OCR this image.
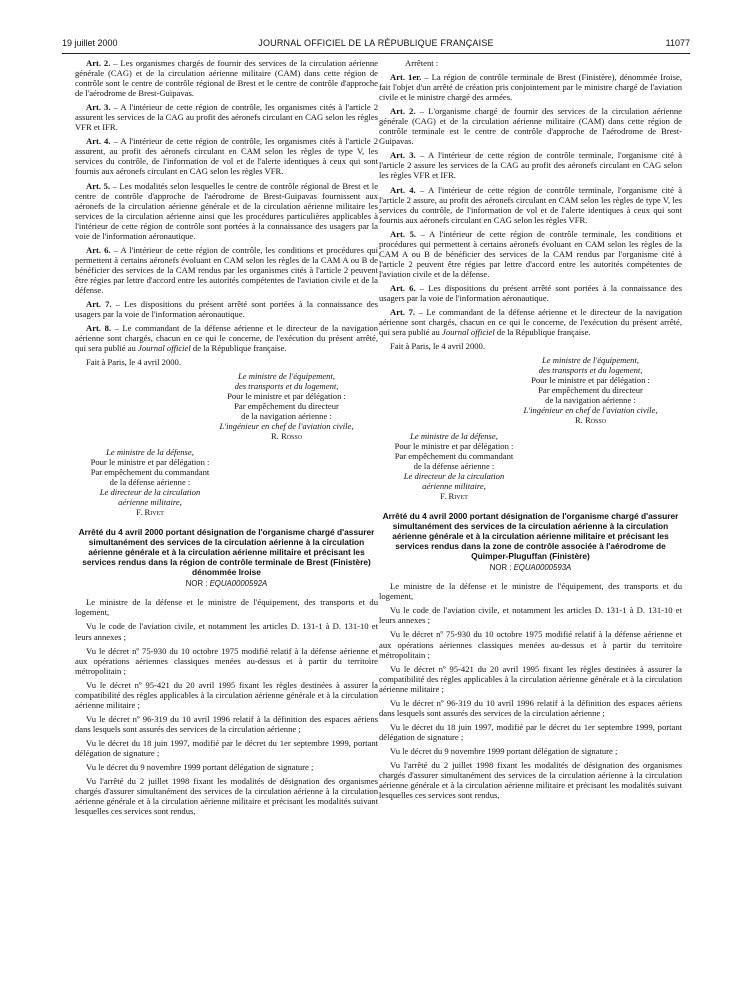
19 juillet 2000	JOURNAL OFFICIEL DE LA RÉPUBLIQUE FRANÇAISE	11077

Art. 2. – Les organismes chargés de fournir des services de la circulation aérienne générale (CAG) et de la circulation aérienne militaire (CAM) dans cette région de contrôle sont le centre de contrôle régional de Brest et le centre de contrôle d'approche de l'aérodrome de Brest-Guipavas.

Art. 3. – A l'intérieur de cette région de contrôle, les organismes cités à l'article 2 assurent les services de la CAG au profit des aéronefs circulant en CAG selon les règles VFR et IFR.

Art. 4. – A l'intérieur de cette région de contrôle, les organismes cités à l'article 2 assurent, au profit des aéronefs circulant en CAM selon les règles de type V, les services du contrôle, de l'information de vol et de l'alerte identiques à ceux qui sont fournis aux aéronefs circulant en CAG selon les règles VFR.

Art. 5. – Les modalités selon lesquelles le centre de contrôle régional de Brest et le centre de contrôle d'approche de l'aérodrome de Brest-Guipavas fournissent aux aéronefs de la circulation aérienne générale et de la circulation aérienne militaire les services de la circulation aérienne ainsi que les procédures particulières applicables à l'intérieur de cette région de contrôle sont portées à la connaissance des usagers par la voie de l'information aéronautique.

Art. 6. – A l'intérieur de cette région de contrôle, les conditions et procédures qui permettent à certains aéronefs évoluant en CAM selon les règles de la CAM A ou B de bénéficier des services de la CAM rendus par les organismes cités à l'article 2 peuvent être régies par lettre d'accord entre les autorités compétentes de l'aviation civile et de la défense.

Art. 7. – Les dispositions du présent arrêté sont portées à la connaissance des usagers par la voie de l'information aéronautique.

Art. 8. – Le commandant de la défense aérienne et le directeur de la navigation aérienne sont chargés, chacun en ce qui le concerne, de l'exécution du présent arrêté, qui sera publié au Journal officiel de la République française.

Fait à Paris, le 4 avril 2000.

Le ministre de l'équipement,
des transports et du logement,
Pour le ministre et par délégation :
Par empêchement du directeur
de la navigation aérienne :
L'ingénieur en chef de l'aviation civile,
R. Rosso
Le ministre de la défense,
Pour le ministre et par délégation :
Par empêchement du commandant
de la défense aérienne :
Le directeur de la circulation
aérienne militaire,
F. Rivet
Arrêté du 4 avril 2000 portant désignation de l'organisme chargé d'assurer simultanément des services de la circulation aérienne à la circulation aérienne générale et à la circulation aérienne militaire et précisant les services rendus dans la région de contrôle terminale de Brest (Finistère) dénommée Iroise
NOR : EQUA0000592A

Le ministre de la défense et le ministre de l'équipement, des transports et du logement,

Vu le code de l'aviation civile, et notamment les articles D. 131-1 à D. 131-10 et leurs annexes ;

Vu le décret nº 75-930 du 10 octobre 1975 modifié relatif à la défense aérienne et aux opérations aériennes classiques menées au-dessus et à partir du territoire métropolitain ;

Vu le décret nº 95-421 du 20 avril 1995 fixant les règles destinées à assurer la compatibilité des règles applicables à la circulation aérienne générale et à la circulation aérienne militaire ;

Vu le décret nº 96-319 du 10 avril 1996 relatif à la définition des espaces aériens dans lesquels sont assurés des services de la circulation aérienne ;

Vu le décret du 18 juin 1997, modifié par le décret du 1er septembre 1999, portant délégation de signature ;

Vu le décret du 9 novembre 1999 portant délégation de signature ;

Vu l'arrêté du 2 juillet 1998 fixant les modalités de désignation des organismes chargés d'assurer simultanément des services de la circulation aérienne à la circulation aérienne générale et à la circulation aérienne militaire et précisant les modalités suivant lesquelles ces services sont rendus,

Arrêtent :

Art. 1er. – La région de contrôle terminale de Brest (Finistère), dénommée Iroise, fait l'objet d'un arrêté de création pris conjointement par le ministre chargé de l'aviation civile et le ministre chargé des armées.

Art. 2. – L'organisme chargé de fournir des services de la circulation aérienne générale (CAG) et de la circulation aérienne militaire (CAM) dans cette région de contrôle terminale est le centre de contrôle d'approche de l'aérodrome de Brest-Guipavas.

Art. 3. – A l'intérieur de cette région de contrôle terminale, l'organisme cité à l'article 2 assure les services de la CAG au profit des aéronefs circulant en CAG selon les règles VFR et IFR.

Art. 4. – A l'intérieur de cette région de contrôle terminale, l'organisme cité à l'article 2 assure, au profit des aéronefs circulant en CAM selon les règles de type V, les services du contrôle, de l'information de vol et de l'alerte identiques à ceux qui sont fournis aux aéronefs circulant en CAG selon les règles VFR.

Art. 5. – A l'intérieur de cette région de contrôle terminale, les conditions et procédures qui permettent à certains aéronefs évoluant en CAM selon les règles de la CAM A ou B de bénéficier des services de la CAM rendus par l'organisme cité à l'article 2 peuvent être régies par lettre d'accord entre les autorités compétentes de l'aviation civile et de la défense.

Art. 6. – Les dispositions du présent arrêté sont portées à la connaissance des usagers par la voie de l'information aéronautique.

Art. 7. – Le commandant de la défense aérienne et le directeur de la navigation aérienne sont chargés, chacun en ce qui le concerne, de l'exécution du présent arrêté, qui sera publié au Journal officiel de la République française.

Fait à Paris, le 4 avril 2000.

Le ministre de l'équipement,
des transports et du logement,
Pour le ministre et par délégation :
Par empêchement du directeur
de la navigation aérienne :
L'ingénieur en chef de l'aviation civile,
R. Rosso
Le ministre de la défense,
Pour le ministre et par délégation :
Par empêchement du commandant
de la défense aérienne :
Le directeur de la circulation
aérienne militaire,
F. Rivet
Arrêté du 4 avril 2000 portant désignation de l'organisme chargé d'assurer simultanément des services de la circulation aérienne à la circulation aérienne générale et à la circulation aérienne militaire et précisant les services rendus dans la zone de contrôle associée à l'aérodrome de Quimper-Pluguffan (Finistère)
NOR : EQUA0000593A

Le ministre de la défense et le ministre de l'équipement, des transports et du logement,

Vu le code de l'aviation civile, et notamment les articles D. 131-1 à D. 131-10 et leurs annexes ;

Vu le décret nº 75-930 du 10 octobre 1975 modifié relatif à la défense aérienne et aux opérations aériennes classiques menées au-dessus et à partir du territoire métropolitain ;

Vu le décret nº 95-421 du 20 avril 1995 fixant les règles destinées à assurer la compatibilité des règles applicables à la circulation aérienne générale et à la circulation aérienne militaire ;

Vu le décret nº 96-319 du 10 avril 1996 relatif à la définition des espaces aériens dans lesquels sont assurés des services de la circulation aérienne ;

Vu le décret du 18 juin 1997, modifié par le décret du 1er septembre 1999, portant délégation de signature ;

Vu le décret du 9 novembre 1999 portant délégation de signature ;

Vu l'arrêté du 2 juillet 1998 fixant les modalités de désignation des organismes chargés d'assurer simultanément des services de la circulation aérienne à la circulation aérienne générale et à la circulation aérienne militaire et précisant les modalités suivant lesquelles ces services sont rendus,
